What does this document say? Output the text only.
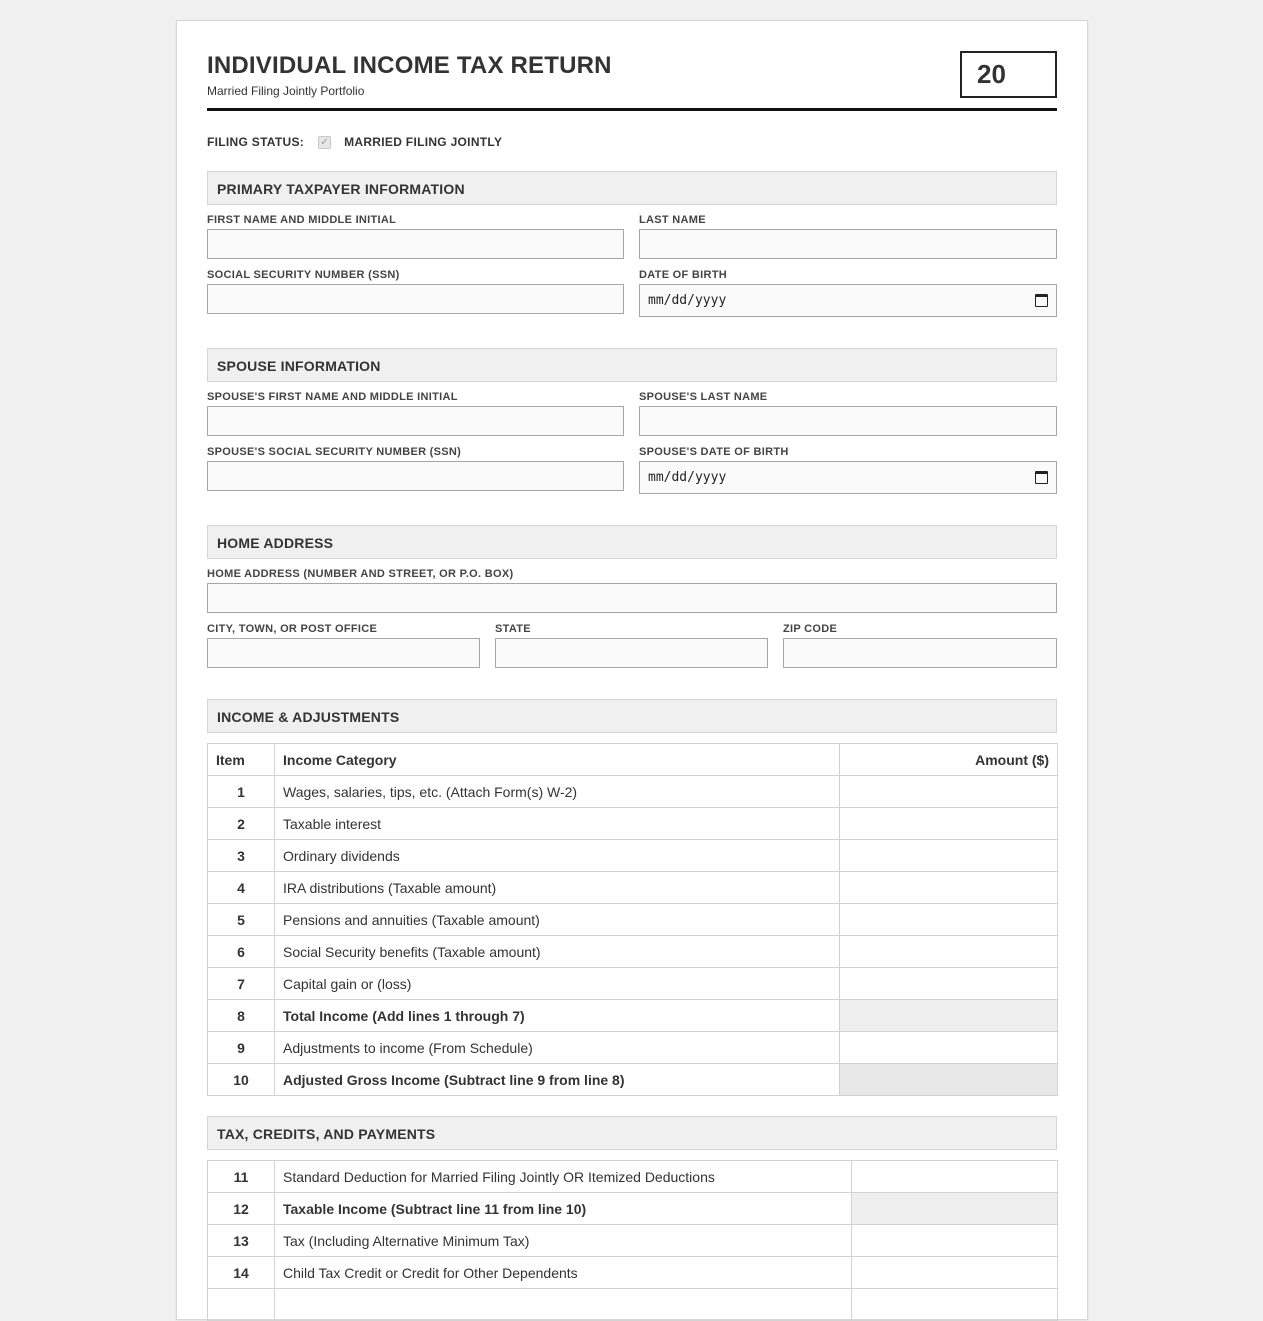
INDIVIDUAL INCOME TAX RETURN
Married Filing Jointly Portfolio
20
FILING STATUS: ✓ MARRIED FILING JOINTLY
PRIMARY TAXPAYER INFORMATION
FIRST NAME AND MIDDLE INITIAL	LAST NAME
SOCIAL SECURITY NUMBER (SSN)	DATE OF BIRTH
mm/dd/yyyy
SPOUSE INFORMATION
SPOUSE'S FIRST NAME AND MIDDLE INITIAL	SPOUSE'S LAST NAME
SPOUSE'S SOCIAL SECURITY NUMBER (SSN)	SPOUSE'S DATE OF BIRTH
mm/dd/yyyy
HOME ADDRESS
HOME ADDRESS (NUMBER AND STREET, OR P.O. BOX)
CITY, TOWN, OR POST OFFICE	STATE	ZIP CODE
INCOME & ADJUSTMENTS
Item	Income Category	Amount ($)
1	Wages, salaries, tips, etc. (Attach Form(s) W-2)	
2	Taxable interest	
3	Ordinary dividends	
4	IRA distributions (Taxable amount)	
5	Pensions and annuities (Taxable amount)	
6	Social Security benefits (Taxable amount)	
7	Capital gain or (loss)	
8	Total Income (Add lines 1 through 7)	
9	Adjustments to income (From Schedule)	
10	Adjusted Gross Income (Subtract line 9 from line 8)	
TAX, CREDITS, AND PAYMENTS
11	Standard Deduction for Married Filing Jointly OR Itemized Deductions	
12	Taxable Income (Subtract line 11 from line 10)	
13	Tax (Including Alternative Minimum Tax)	
14	Child Tax Credit or Credit for Other Dependents	
